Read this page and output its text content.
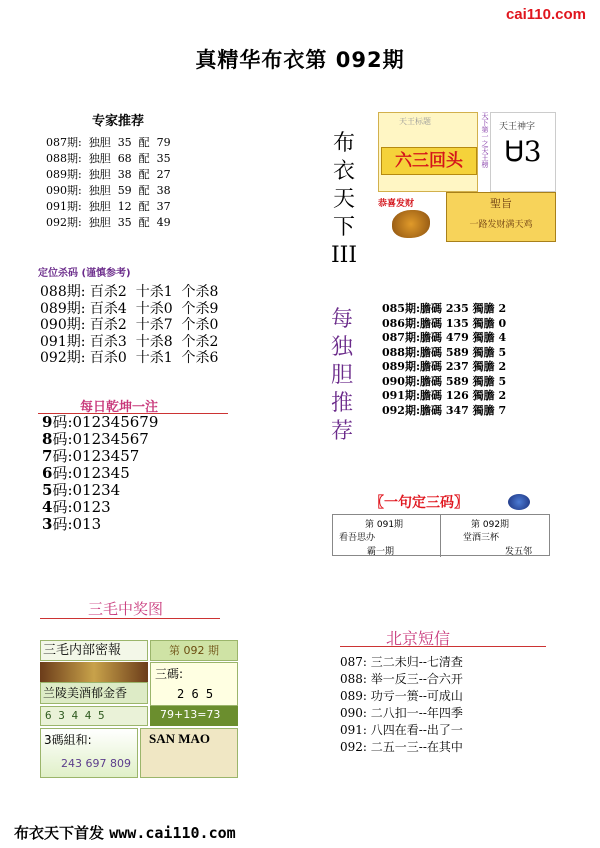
cai110.com
真精华布衣第 092期
专家推荐
087期:  独胆  35  配  79
088期:  独胆  68  配  35
089期:  独胆  38  配  27
090期:  独胆  59  配  38
091期:  独胆  12  配  37
092期:  独胆  35  配  49
定位杀码 (谨慎参考)
088期: 百杀2  十杀1  个杀8
089期: 百杀4  十杀0  个杀9
090期: 百杀2  十杀7  个杀0
091期: 百杀3  十杀8  个杀2
092期: 百杀0  十杀1  个杀6
每日乾坤一注
9码:012345679
8码:01234567
7码:0123457
6码:012345
5码:01234
4码:0123
3码:013
三毛中奖图
三毛内部密報	第 092 期
兰陵美酒郁金香
三碼:
2 6 5
6 3 4 4 5	79+13=73
3碼組和:
243 697 809
SAN MAO
布
衣
天
下
III
天王标题
六三回头	天下第一之天王榜 天王神字
Ꮜ3
恭喜发财	聖旨
一路发财满天鸡
每
独
胆
推
荐
085期:膽碼 235 獨膽 2
086期:膽碼 135 獨膽 0
087期:膽碼 479 獨膽 4
088期:膽碼 589 獨膽 5
089期:膽碼 237 獨膽 2
090期:膽碼 589 獨膽 5
091期:膽碼 126 獨膽 2
092期:膽碼 347 獨膽 7
〖一句定三码〗
第 091期
看吾思办
霸一期
第 092期
堂酒三杯
发五邻
北京短信
087: 三二未归--七清查
088: 举一反三--合六开
089: 功亏一篑--可成山
090: 二八扣一--年四季
091: 八四在看--出了一
092: 二五一三--在其中
布衣天下首发 www.cai110.com
